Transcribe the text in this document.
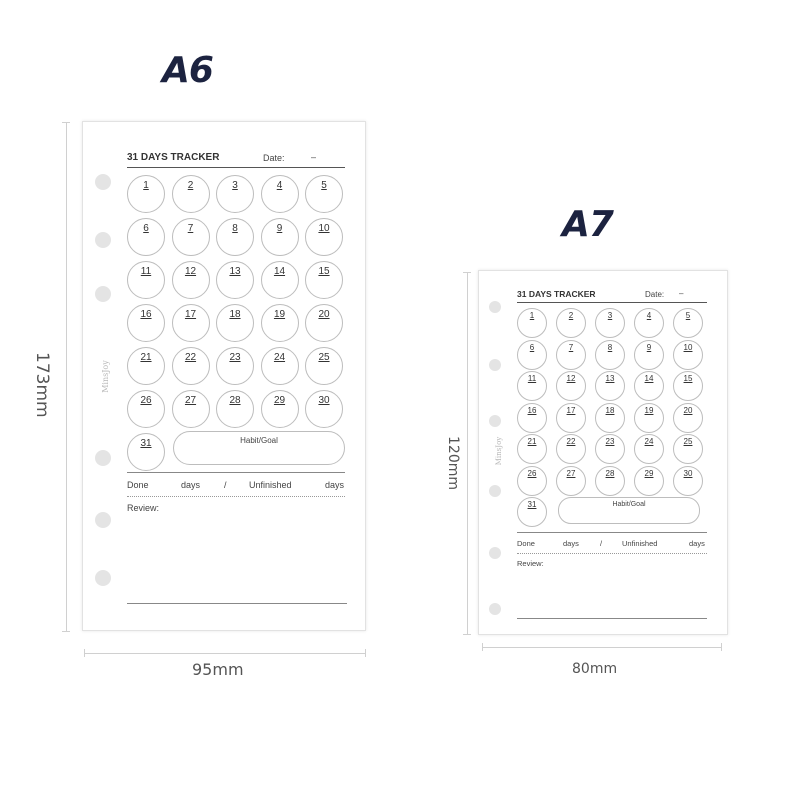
A6
A7
173mm
95mm
120mm
80mm
MinsJoy
31 DAYS TRACKER	Date:	–
1	2	3	4	5
6	7	8	9	10
11	12	13	14	15
16	17	18	19	20
21	22	23	24	25
26	27	28	29	30
31	Habit/Goal
Done	days	/ Unfinished	days
Review:
MinsJoy
31 DAYS TRACKER	Date: –
1	2	3	4	5
6	7	8	9	10
11	12	13	14	15
16	17	18	19	20
21	22	23	24	25
26	27	28	29	30
31	Habit/Goal
Done	days	/	Unfinished	days
Review:
